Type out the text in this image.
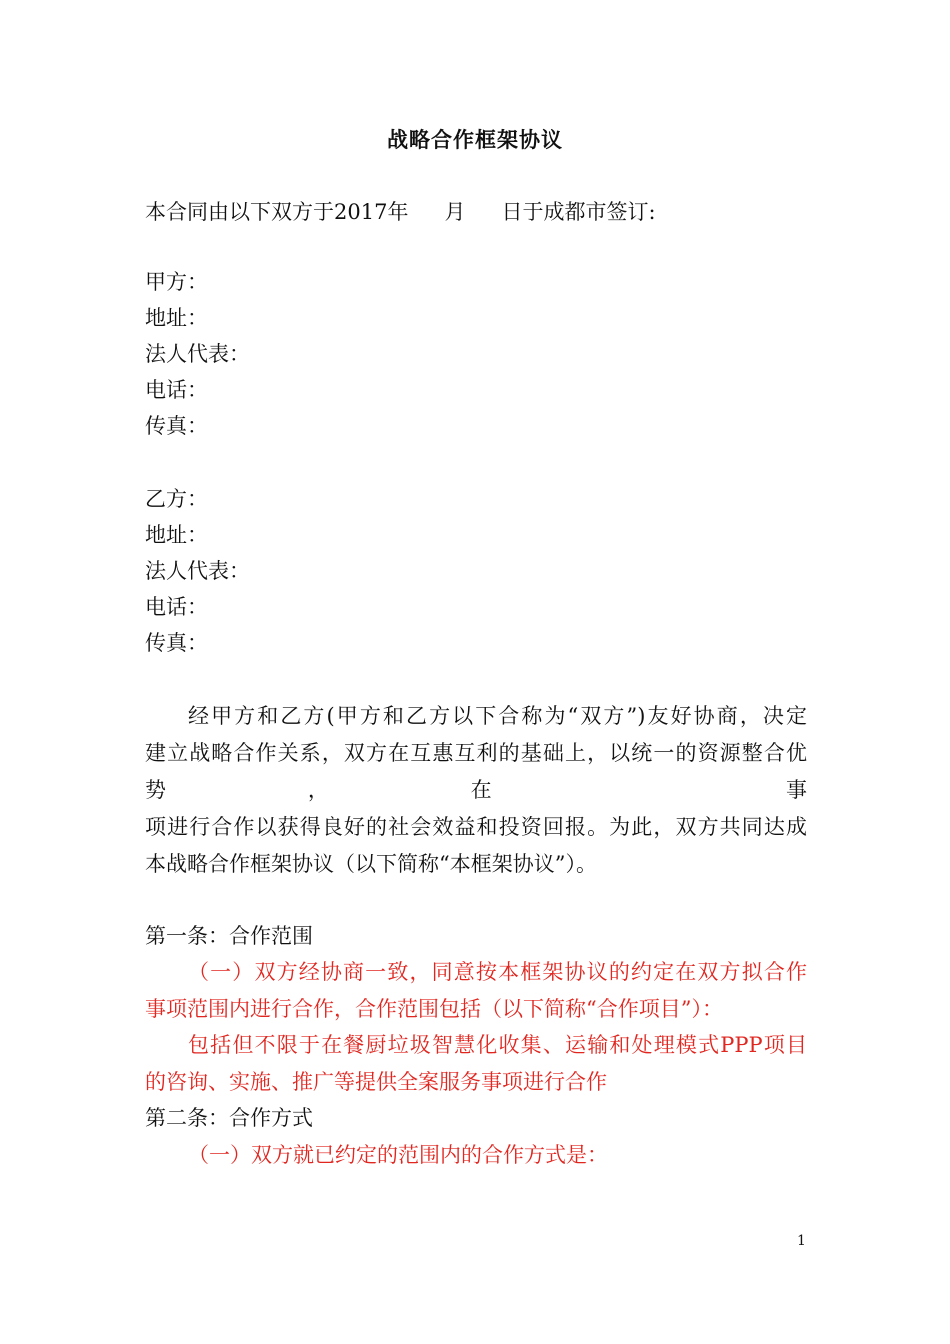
战略合作框架协议
本合同由以下双方于2017年 月 日于成都市签订:
甲方：
地址：
法人代表：
电话：
传真：
乙方：
地址：
法人代表：
电话：
传真：
经甲方和乙方(甲方和乙方以下合称为“双方”)友好协商，决定
建立战略合作关系，双方在互惠互利的基础上，以统一的资源整合优
势，在	事
项进行合作以获得良好的社会效益和投资回报。为此，双方共同达成
本战略合作框架协议（以下简称“本框架协议”）。
第一条：合作范围
（一）双方经协商一致，同意按本框架协议的约定在双方拟合作
事项范围内进行合作，合作范围包括（以下简称“合作项目”）：
包括但不限于在餐厨垃圾智慧化收集、运输和处理模式PPP项目
的咨询、实施、推广等提供全案服务事项进行合作
第二条：合作方式
（一）双方就已约定的范围内的合作方式是：
1
